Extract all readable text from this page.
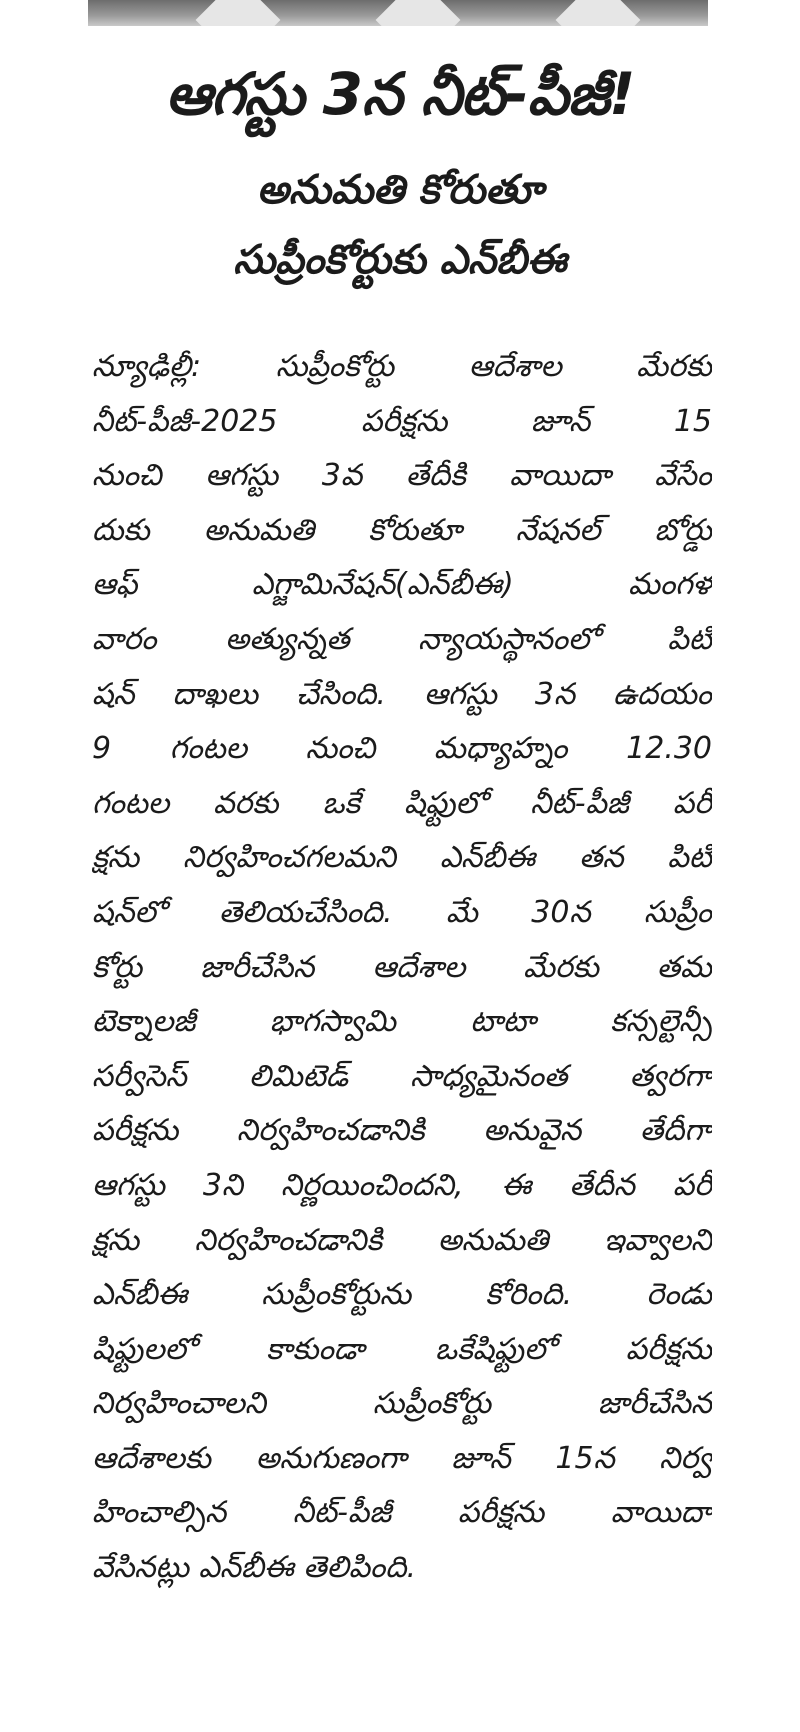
ఆగస్టు 3న నీట్-పీజీ!
అనుమతి కోరుతూ
సుప్రీంకోర్టుకు ఎన్‌బీఈ
న్యూఢిల్లీ: సుప్రీంకోర్టు ఆదేశాల మేరకు
నీట్-పీజీ-2025 పరీక్షను జూన్ 15
నుంచి ఆగస్టు 3వ తేదీకి వాయిదా వేసేం
దుకు అనుమతి కోరుతూ నేషనల్ బోర్డు
ఆఫ్ ఎగ్జామినేషన్(ఎన్‌బీఈ) మంగళ
వారం అత్యున్నత న్యాయస్థానంలో పిటి
షన్ దాఖలు చేసింది. ఆగస్టు 3న ఉదయం
9 గంటల నుంచి మధ్యాహ్నం 12.30
గంటల వరకు ఒకే షిఫ్టులో నీట్-పీజీ పరీ
క్షను నిర్వహించగలమని ఎన్‌బీఈ తన పిటి
షన్‌లో తెలియచేసింది. మే 30న సుప్రీం
కోర్టు జారీచేసిన ఆదేశాల మేరకు తమ
టెక్నాలజీ భాగస్వామి టాటా కన్సల్టెన్సీ
సర్వీసెస్ లిమిటెడ్ సాధ్యమైనంత త్వరగా
పరీక్షను నిర్వహించడానికి అనువైన తేదీగా
ఆగస్టు 3ని నిర్ణయించిందని, ఈ తేదీన పరీ
క్షను నిర్వహించడానికి అనుమతి ఇవ్వాలని
ఎన్‌బీఈ సుప్రీంకోర్టును కోరింది. రెండు
షిఫ్టులలో కాకుండా ఒకేషిఫ్టులో పరీక్షను
నిర్వహించాలని సుప్రీంకోర్టు జారీచేసిన
ఆదేశాలకు అనుగుణంగా జూన్ 15న నిర్వ
హించాల్సిన నీట్-పీజీ పరీక్షను వాయిదా
వేసినట్లు ఎన్‌బీఈ తెలిపింది.
